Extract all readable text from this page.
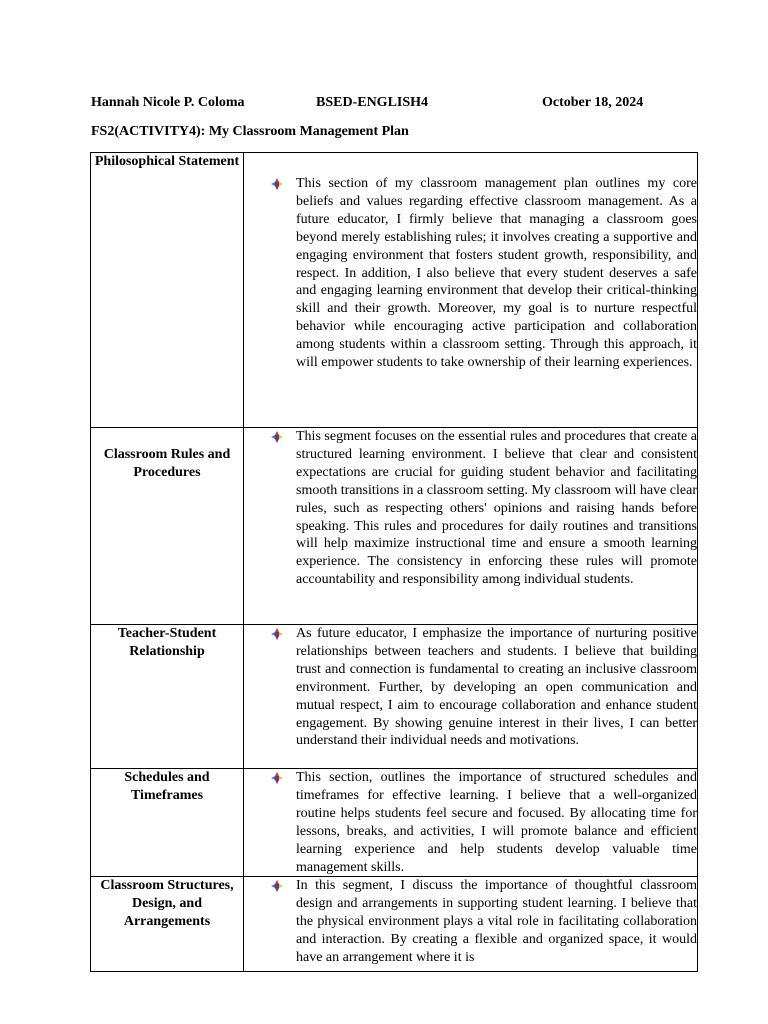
Hannah Nicole P. Coloma	BSED-ENGLISH4	October 18, 2024
FS2(ACTIVITY4): My Classroom Management Plan
Philosophical Statement	This section of my classroom management plan outlines my core beliefs and values regarding effective classroom management. As a future educator, I firmly believe that managing a classroom goes beyond merely establishing rules; it involves creating a supportive and engaging environment that fosters student growth, responsibility, and respect. In addition, I also believe that every student deserves a safe and engaging learning environment that develop their critical-thinking skill and their growth. Moreover, my goal is to nurture respectful behavior while encouraging active participation and collaboration among students within a classroom setting. Through this approach, it will empower students to take ownership of their learning experiences.

Classroom Rules and Procedures	This segment focuses on the essential rules and procedures that create a structured learning environment. I believe that clear and consistent expectations are crucial for guiding student behavior and facilitating smooth transitions in a classroom setting. My classroom will have clear rules, such as respecting others' opinions and raising hands before speaking. This rules and procedures for daily routines and transitions will help maximize instructional time and ensure a smooth learning experience. The consistency in enforcing these rules will promote accountability and responsibility among individual students.

Teacher-Student Relationship	As future educator, I emphasize the importance of nurturing positive relationships between teachers and students. I believe that building trust and connection is fundamental to creating an inclusive classroom environment. Further, by developing an open communication and mutual respect, I aim to encourage collaboration and enhance student engagement. By showing genuine interest in their lives, I can better understand their individual needs and motivations.

Schedules and Timeframes	This section, outlines the importance of structured schedules and timeframes for effective learning. I believe that a well-organized routine helps students feel secure and focused. By allocating time for lessons, breaks, and activities, I will promote balance and efficient learning experience and help students develop valuable time management skills.

Classroom Structures, Design, and Arrangements	In this segment, I discuss the importance of thoughtful classroom design and arrangements in supporting student learning. I believe that the physical environment plays a vital role in facilitating collaboration and interaction. By creating a flexible and organized space, it would have an arrangement where it is
